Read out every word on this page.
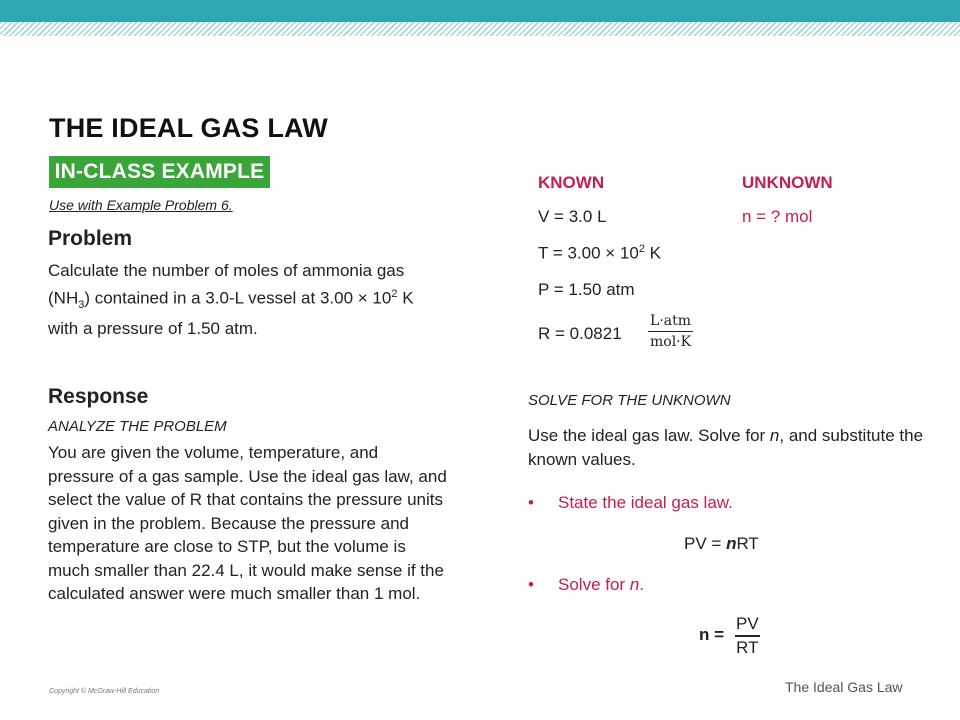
THE IDEAL GAS LAW
IN-CLASS EXAMPLE
Use with Example Problem 6.
Problem

Calculate the number of moles of ammonia gas $(NH_3)$ contained in a 3.0-L vessel at $3.00 \times 10^2$ K with a pressure of 1.50 atm.

Response
ANALYZE THE PROBLEM

You are given the volume, temperature, and pressure of a gas sample. Use the ideal gas law, and select the value of R that contains the pressure units given in the problem. Because the pressure and temperature are close to STP, but the volume is much smaller than 22.4 L, it would make sense if the calculated answer were much smaller than 1 mol.

KNOWN	UNKNOWN
V = 3.0 L
$T = 3.00 \times 10^2$ K
P = 1.50 atm
R = 0.0821
L·atm
mol·K
n = ? mol
SOLVE FOR THE UNKNOWN

Use the ideal gas law. Solve for n, and substitute the known values.

• State the ideal gas law.
PV = nRT
• Solve for n.
$n = \frac{PV}{RT}$
Copyright © McGraw-Hill Education	The Ideal Gas Law
